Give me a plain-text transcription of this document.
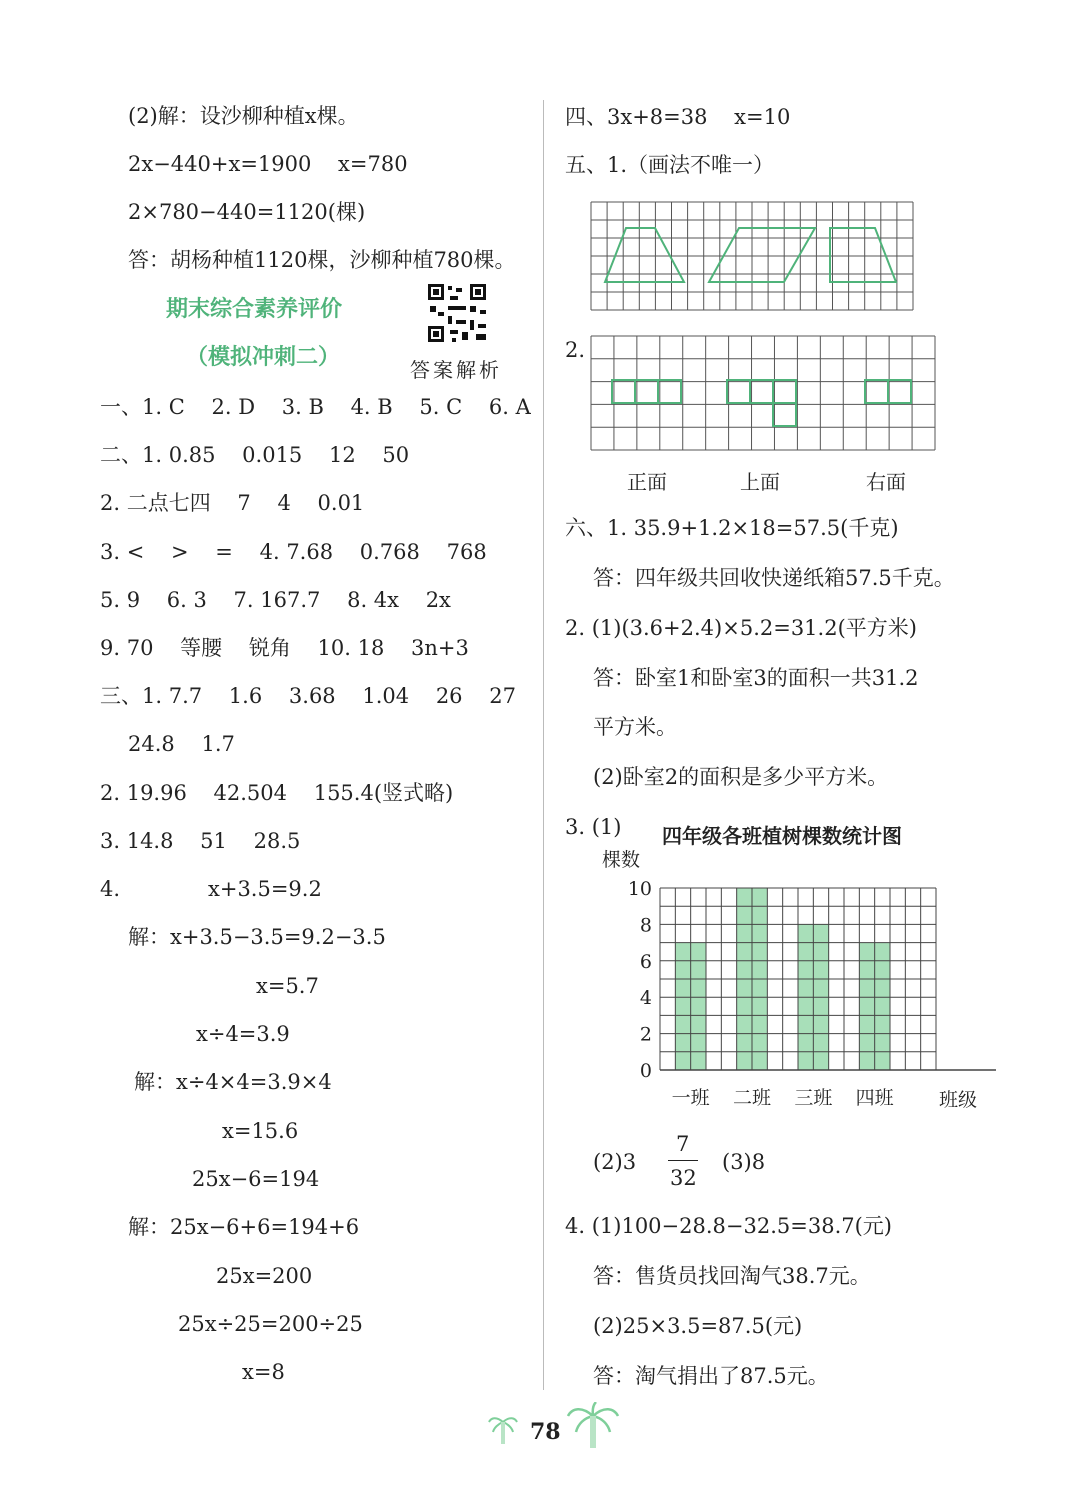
(2)解：设沙柳种植x棵。
2x−440+x=1900    x=780
2×780−440=1120(棵)
答：胡杨种植1120棵，沙柳种植780棵。
期末综合素养评价
（模拟冲刺二）	答案解析
一、1. C    2. D    3. B    4. B    5. C    6. A
二、1. 0.85    0.015    12    50
2. 二点七四    7    4    0.01
3. <    >    =    4. 7.68    0.768    768
5. 9    6. 3    7. 167.7    8. 4x    2x
9. 70    等腰    锐角    10. 18    3n+3
三、1. 7.7    1.6    3.68    1.04    26    27
24.8    1.7
2. 19.96    42.504    155.4(竖式略)
3. 14.8    51    28.5
4.	x+3.5=9.2
解：x+3.5−3.5=9.2−3.5
x=5.7
x÷4=3.9
解：x÷4×4=3.9×4
x=15.6
25x−6=194
解：25x−6+6=194+6
25x=200
25x÷25=200÷25
x=8
四、3x+8=38    x=10
五、1.（画法不唯一）
2.
正面	上面	右面
六、1. 35.9+1.2×18=57.5(千克)
答：四年级共回收快递纸箱57.5千克。
2. (1)(3.6+2.4)×5.2=31.2(平方米)
答：卧室1和卧室3的面积一共31.2
平方米。
(2)卧室2的面积是多少平方米。
3. (1) 四年级各班植树棵数统计图
棵数
0
2
4
6
8
10
一班 二班 三班 四班 班级
(2)3
7
32
(3)8
4. (1)100−28.8−32.5=38.7(元)
答：售货员找回淘气38.7元。
(2)25×3.5=87.5(元)
答：淘气捐出了87.5元。
78
